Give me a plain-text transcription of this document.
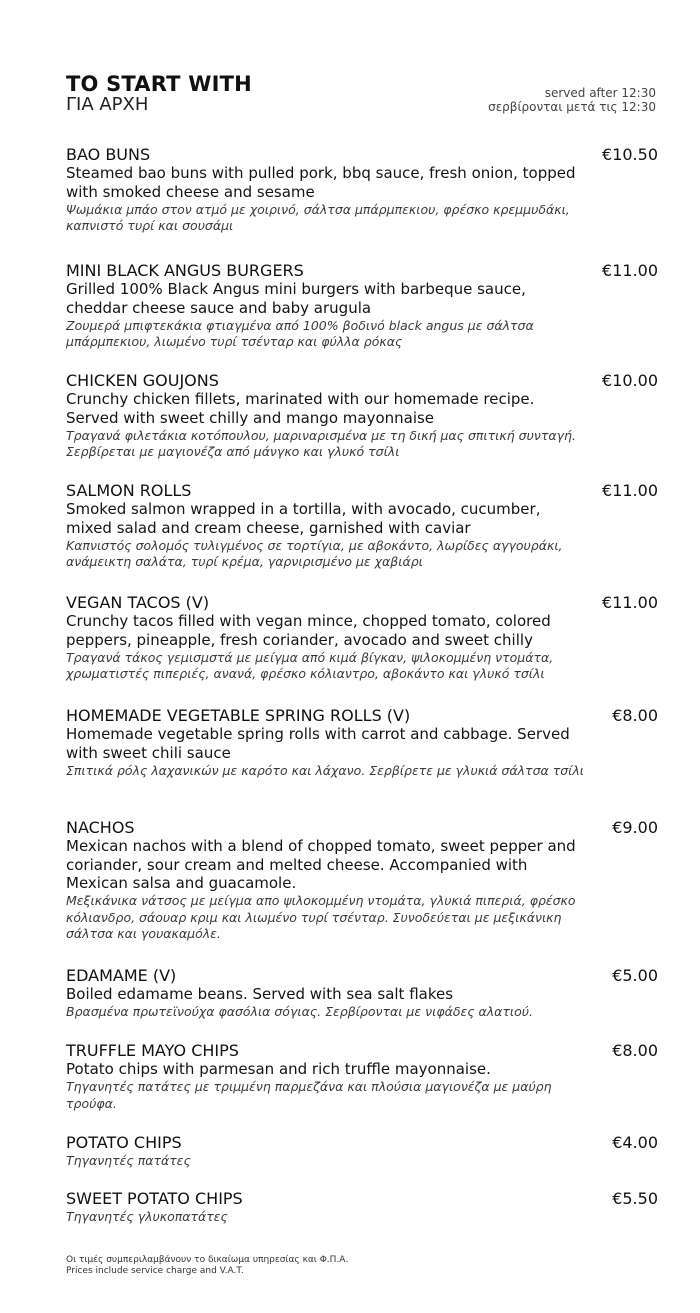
TO START WITH
ΓΙΑ ΑΡΧΗ
served after 12:30
σερβίρονται μετά τις 12:30
BAO BUNS	€10.50
Steamed bao buns with pulled pork, bbq sauce, fresh onion, topped with smoked cheese and sesame
Ψωμάκια μπάο στον ατμό με χοιρινό, σάλτσα μπάρμπεκιου, φρέσκο κρεμμυδάκι, καπνιστό τυρί και σουσάμι
MINI BLACK ANGUS BURGERS	€11.00
Grilled 100% Black Angus mini burgers with barbeque sauce, cheddar cheese sauce and baby arugula
Ζουμερά μπιφτεκάκια φτιαγμένα από 100% βοδινό black angus με σάλτσα μπάρμπεκιου, λιωμένο τυρί τσένταρ και φύλλα ρόκας
CHICKEN GOUJONS	€10.00
Crunchy chicken fillets, marinated with our homemade recipe. Served with sweet chilly and mango mayonnaise
Τραγανά φιλετάκια κοτόπουλου, μαριναρισμένα με τη δική μας σπιτική συνταγή. Σερβίρεται με μαγιονέζα από μάνγκο και γλυκό τσίλι
SALMON ROLLS	€11.00
Smoked salmon wrapped in a tortilla, with avocado, cucumber, mixed salad and cream cheese, garnished with caviar
Καπνιστός σολομός τυλιγμένος σε τορτίγια, με αβοκάντο, λωρίδες αγγουράκι, ανάμεικτη σαλάτα, τυρί κρέμα, γαρνιρισμένο με χαβιάρι
VEGAN TACOS (V)	€11.00
Crunchy tacos filled with vegan mince, chopped tomato, colored peppers, pineapple, fresh coriander, avocado and sweet chilly
Τραγανά τάκος γεμισμστά με μείγμα από κιμά βίγκαν, ψιλοκομμένη ντομάτα, χρωματιστές πιπεριές, ανανά, φρέσκο κόλιαντρο, αβοκάντο και γλυκό τσίλι
HOMEMADE VEGETABLE SPRING ROLLS (V)	€8.00
Homemade vegetable spring rolls with carrot and cabbage. Served with sweet chili sauce
Σπιτικά ρόλς λαχανικών με καρότο και λάχανο. Σερβίρετε με γλυκιά σάλτσα τσίλι
NACHOS	€9.00
Mexican nachos with a blend of chopped tomato, sweet pepper and coriander, sour cream and melted cheese. Accompanied with Mexican salsa and guacamole.
Μεξικάνικα νάτσος με μείγμα απο ψιλοκομμένη ντομάτα, γλυκιά πιπεριά, φρέσκο κόλιανδρο, σάουαρ κριμ και λιωμένο τυρί τσένταρ. Συνοδεύεται με μεξικάνικη σάλτσα και γουακαμόλε.
EDAMAME (V)	€5.00
Boiled edamame beans. Served with sea salt flakes
Βρασμένα πρωτεϊνούχα φασόλια σόγιας. Σερβίρονται με νιφάδες αλατιού.
TRUFFLE MAYO CHIPS	€8.00
Potato chips with parmesan and rich truffle mayonnaise.
Τηγανητές πατάτες με τριμμένη παρμεζάνα και πλούσια μαγιονέζα με μαύρη τρούφα.
POTATO CHIPS	€4.00
Τηγανητές πατάτες
SWEET POTATO CHIPS	€5.50
Τηγανητές γλυκοπατάτες
Οι τιμές συμπεριλαμβάνουν το δικαίωμα υπηρεσίας και Φ.Π.Α.
Prices include service charge and V.A.T.
